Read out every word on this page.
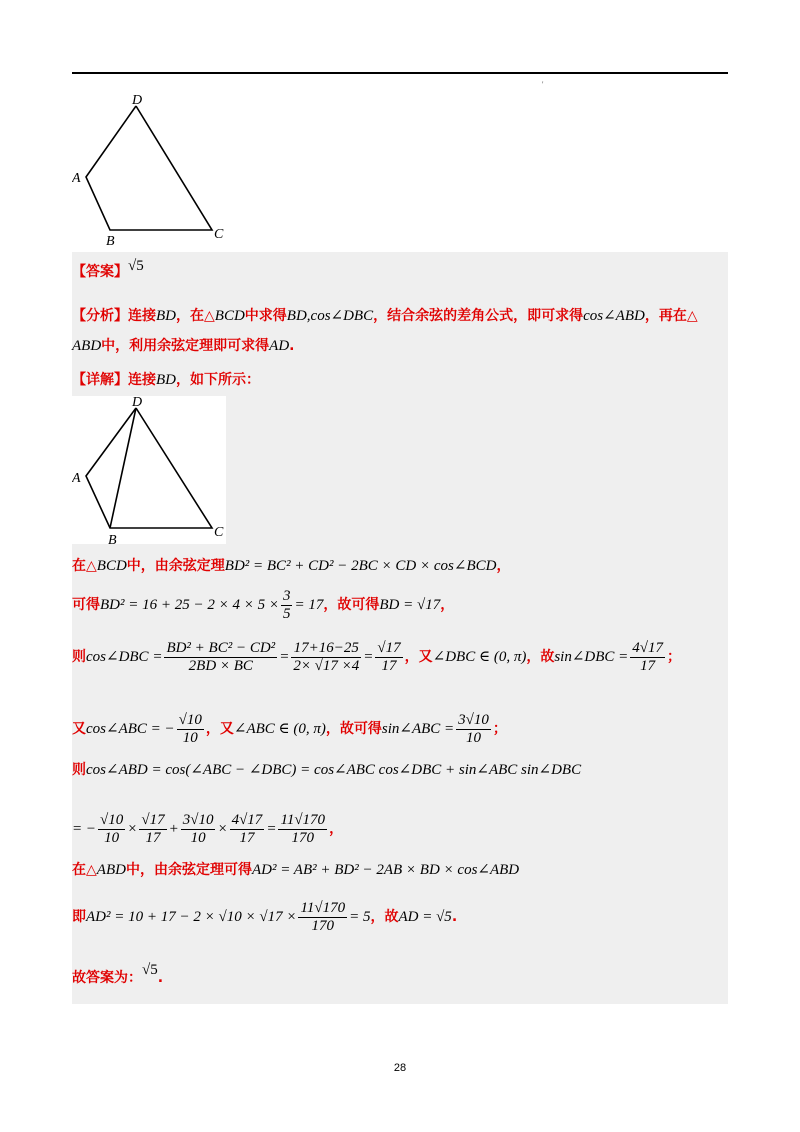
'
D
A
B	C
【答案】√5
【分析】连接BD，在△BCD中求得BD,cos∠DBC，结合余弦的差角公式，即可求得cos∠ABD，再在△
ABD中，利用余弦定理即可求得AD.
【详解】连接BD，如下所示：
D
A
B
C
在△BCD中，由余弦定理BD² = BC² + CD² − 2BC × CD × cos∠BCD，
可得$BD^2 = 16 + 25 - 2 \times 4 \times 5 \times \frac{3}{5} = 17$，故可得BD = √17，
则cos∠DBC = $\frac{\text{BD² + BC² − CD²}}{2BD \times BC} = \frac{17+16-25}{2\times √17 \times 4} = \frac{√17}{17}$ ，又∠DBC ∈ (0, π)，故sin∠DBC = $\frac{4√17}{17}$ ；
又cos∠ABC = − $\frac{√10}{10}$ ，又∠ABC ∈ (0, π)，故可得sin∠ABC = $\frac{3√10}{10}$ ；
则cos∠ABD = cos(∠ABC − ∠DBC) = cos∠ABC cos∠DBC + sin∠ABC sin∠DBC
= − $\frac{√10}{10} \times \frac{√17}{17} + \frac{3√10}{10} \times \frac{4√17}{17} = \frac{11√170}{170}$ ，
在△ABD中，由余弦定理可得AD² = AB² + BD² − 2AB × BD × cos∠ABD
即$AD^2 = 10 + 17 - 2 \times √10 \times √17 \times \frac{11√170}{170} = 5$，故AD = √5.
故答案为：√5.
28
